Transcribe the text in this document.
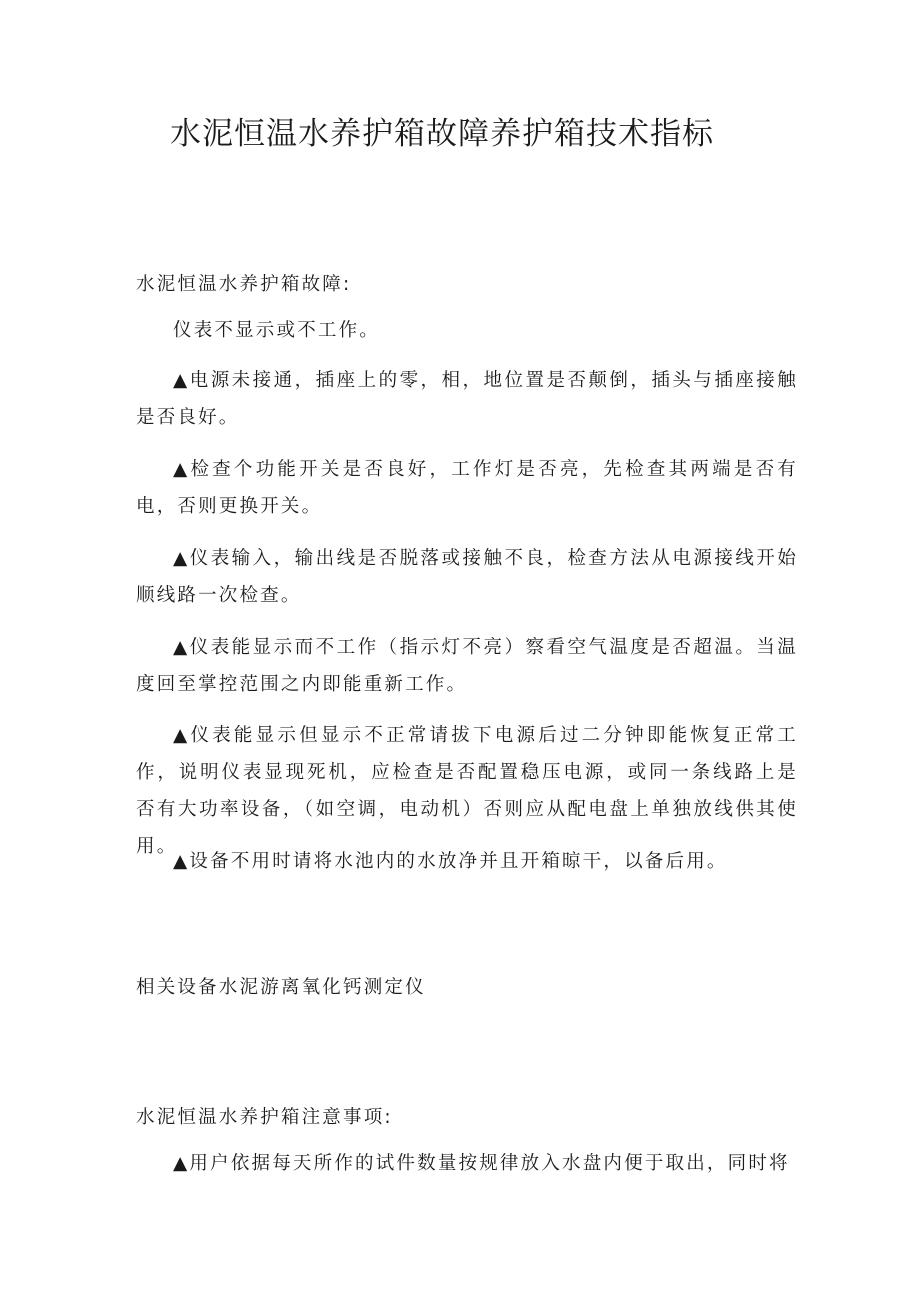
水泥恒温水养护箱故障养护箱技术指标
水泥恒温水养护箱故障:
仪表不显示或不工作。
▲电源未接通，插座上的零，相，地位置是否颠倒，插头与插座接触是否良好。
▲检查个功能开关是否良好，工作灯是否亮，先检查其两端是否有电，否则更换开关。
▲仪表输入，输出线是否脱落或接触不良，检查方法从电源接线开始顺线路一次检查。
▲仪表能显示而不工作（指示灯不亮）察看空气温度是否超温。当温度回至掌控范围之内即能重新工作。
▲仪表能显示但显示不正常请拔下电源后过二分钟即能恢复正常工作，说明仪表显现死机，应检查是否配置稳压电源，或同一条线路上是否有大功率设备，（如空调，电动机）否则应从配电盘上单独放线供其使用。
▲设备不用时请将水池内的水放净并且开箱晾干，以备后用。
相关设备水泥游离氧化钙测定仪
水泥恒温水养护箱注意事项:
▲用户依据每天所作的试件数量按规律放入水盘内便于取出，同时将
